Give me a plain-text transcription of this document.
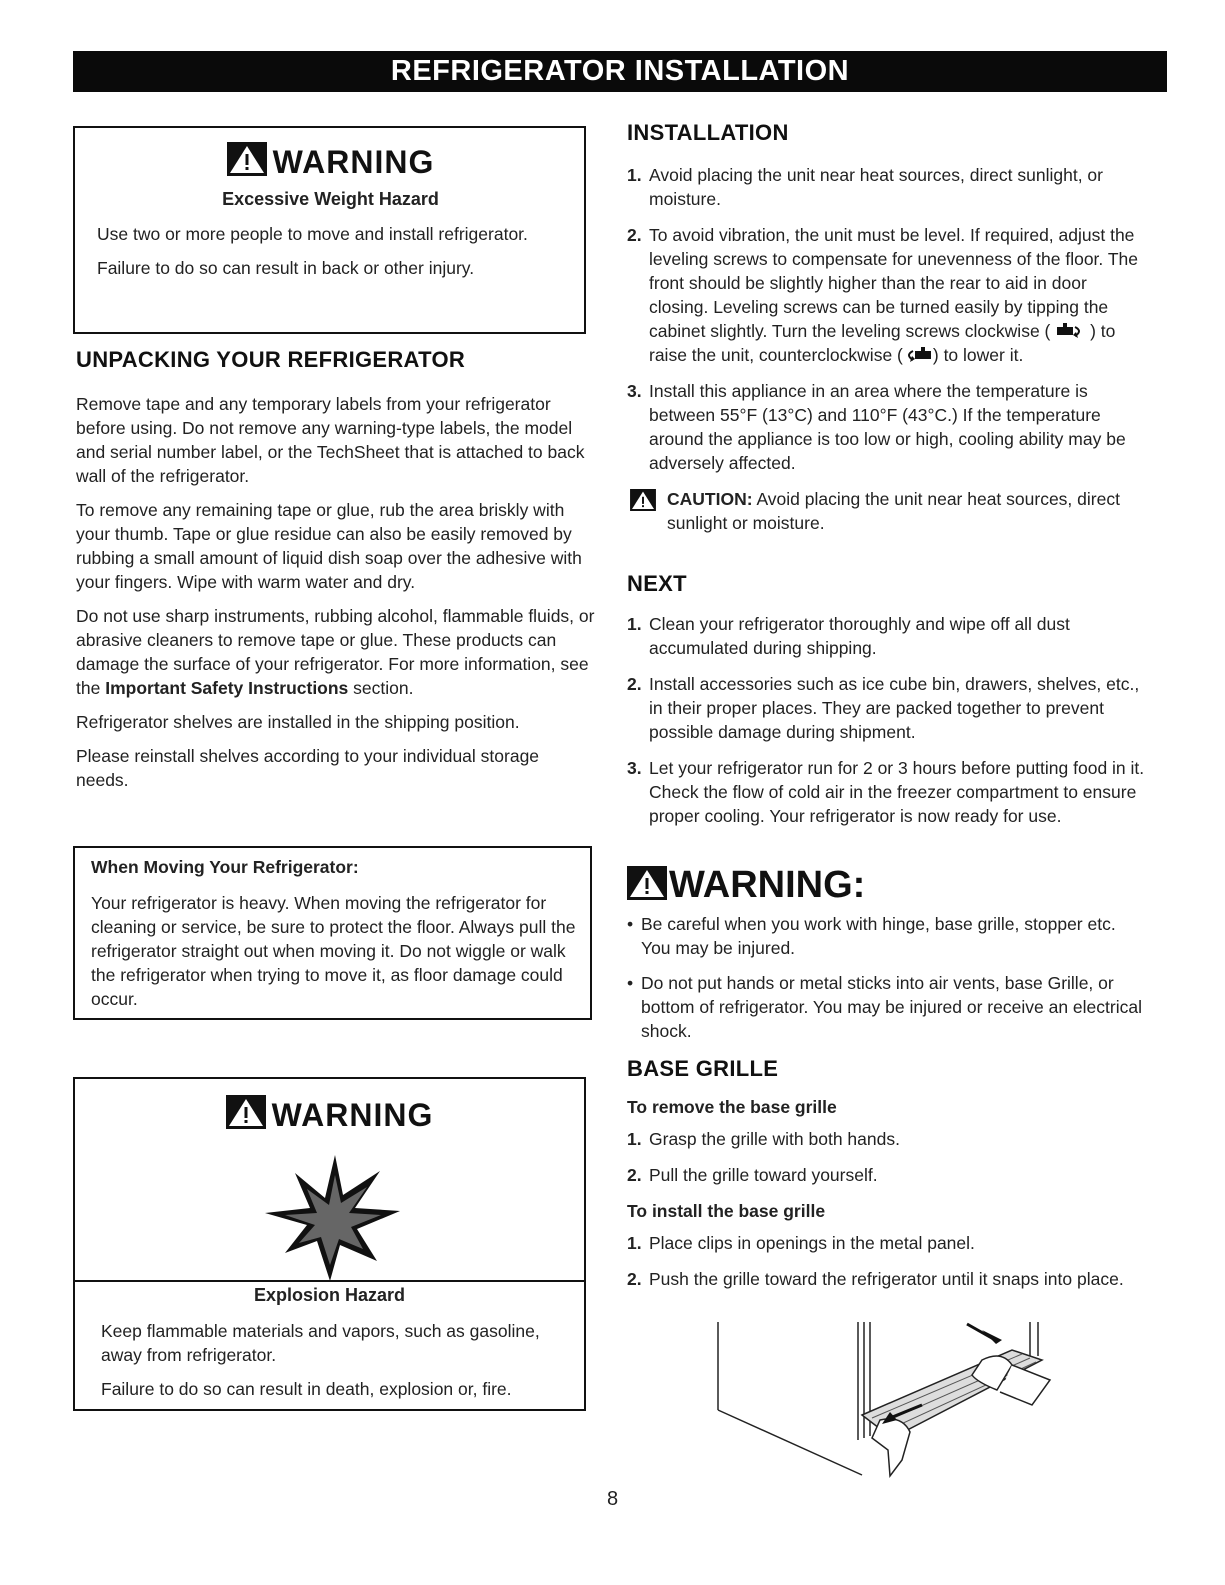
REFRIGERATOR INSTALLATION
WARNING
Excessive Weight Hazard

Use two or more people to move and install refrigerator.

Failure to do so can result in back or other injury.

UNPACKING YOUR REFRIGERATOR

Remove tape and any temporary labels from your refrigerator before using. Do not remove any warning-type labels, the model and serial number label, or the TechSheet that is attached to back wall of the refrigerator.

To remove any remaining tape or glue, rub the area briskly with your thumb. Tape or glue residue can also be easily removed by rubbing a small amount of liquid dish soap over the adhesive with your fingers. Wipe with warm water and dry.

Do not use sharp instruments, rubbing alcohol, flammable fluids, or abrasive cleaners to remove tape or glue. These products can damage the surface of your refrigerator. For more information, see the Important Safety Instructions section.

Refrigerator shelves are installed in the shipping position.

Please reinstall shelves according to your individual storage needs.

When Moving Your Refrigerator:
Your refrigerator is heavy. When moving the refrigerator for cleaning or service, be sure to protect the floor. Always pull the refrigerator straight out when moving it. Do not wiggle or walk the refrigerator when trying to move it, as floor damage could occur.
WARNING
Explosion Hazard

Keep flammable materials and vapors, such as gasoline, away from refrigerator.

Failure to do so can result in death, explosion or, fire.

INSTALLATION
1. Avoid placing the unit near heat sources, direct sunlight, or moisture.
2. To avoid vibration, the unit must be level. If required, adjust the leveling screws to compensate for unevenness of the floor. The front should be slightly higher than the rear to aid in door closing. Leveling screws can be turned easily by tipping the cabinet slightly. Turn the leveling screws clockwise (  ) to raise the unit, counterclockwise ( ) to lower it.
3. Install this appliance in an area where the temperature is between 55°F (13°C) and 110°F (43°C.) If the temperature around the appliance is too low or high, cooling ability may be adversely affected.
CAUTION: Avoid placing the unit near heat sources, direct sunlight or moisture.
NEXT
1. Clean your refrigerator thoroughly and wipe off all dust accumulated during shipping.
2. Install accessories such as ice cube bin, drawers, shelves, etc., in their proper places. They are packed together to prevent possible damage during shipment.
3. Let your refrigerator run for 2 or 3 hours before putting food in it. Check the flow of cold air in the freezer compartment to ensure proper cooling. Your refrigerator is now ready for use.
WARNING:
• Be careful when you work with hinge, base grille, stopper etc. You may be injured.
• Do not put hands or metal sticks into air vents, base Grille, or bottom of refrigerator. You may be injured or receive an electrical shock.
BASE GRILLE
To remove the base grille
1. Grasp the grille with both hands.
2. Pull the grille toward yourself.
To install the base grille
1. Place clips in openings in the metal panel.
2. Push the grille toward the refrigerator until it snaps into place.
8
